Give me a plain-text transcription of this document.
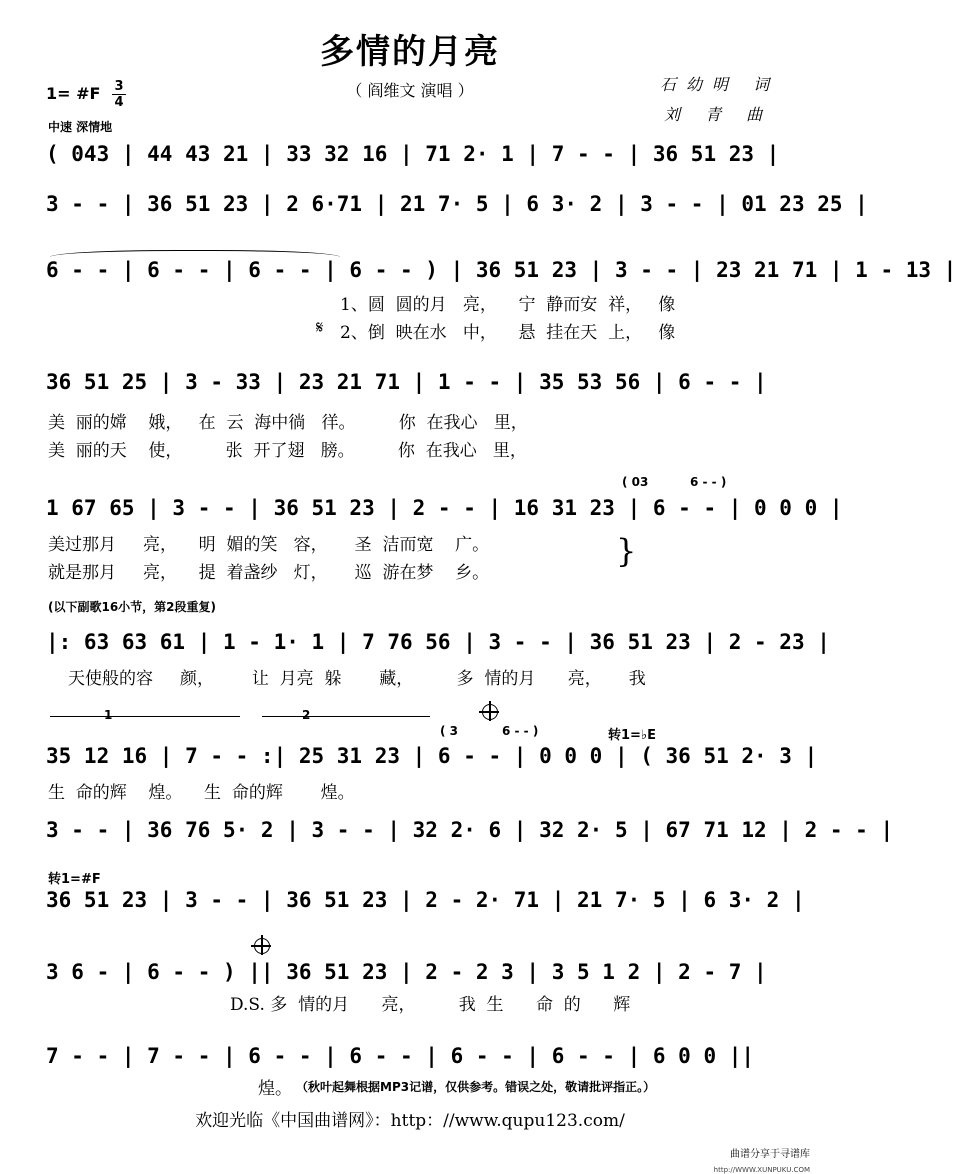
多情的月亮
（ 阎维文 演唱 ）	石幼明 词
刘 青 曲
1= #F 3
4
中速 深情地
( 043 | 44 43 21 | 33 32 16 | 71 2· 1 | 7 - - | 36 51 23 |
3 - - | 36 51 23 | 2 6·71 | 21 7· 5 | 6 3· 2 | 3 - - | 01 23 25 |
6 - - | 6 - - | 6 - - | 6 - - ) | 36 51 23 | 3 - - | 23 21 71 | 1 - 13 |
1、圆  圆的月   亮，    宁  静而安  祥，   像
𝄋 2、倒  映在水   中，    悬  挂在天  上，   像
36 51 25 | 3 - 33 | 23 21 71 | 1 - - | 35 53 56 | 6 - - |
美  丽的嫦    娥，   在  云  海中徜   徉。        你  在我心   里，
美  丽的天    使，        张  开了翅   膀。        你  在我心   里，
( 03	6 - - )
1 67 65 | 3 - - | 36 51 23 | 2 - - | 16 31 23 | 6 - - | 0 0 0 |
美过那月     亮，    明  媚的笑   容，     圣  洁而宽    广。
就是那月     亮，    提  着盏纱   灯，     巡  游在梦    乡。
}
(以下副歌16小节，第2段重复)
|: 63 63 61 | 1 - 1· 1 | 7 76 56 | 3 - - | 36 51 23 | 2 - 23 |
天使般的容     颜，       让  月亮  躲       藏，        多  情的月      亮，     我
1	2
( 3	6 - - )	转1=♭E
35 12 16 | 7 - - :| 25 31 23 | 6 - - | 0 0 0 | ( 36 51 2· 3 |
生  命的辉    煌。    生  命的辉       煌。
3 - - | 36 76 5· 2 | 3 - - | 32 2· 6 | 32 2· 5 | 67 71 12 | 2 - - |
转1=#F
36 51 23 | 3 - - | 36 51 23 | 2 - 2· 71 | 21 7· 5 | 6 3· 2 |
3 6 - | 6 - - ) || 36 51 23 | 2 - 2 3 | 3 5 1 2 | 2 - 7 |
D.S. 多  情的月      亮，        我  生      命  的      辉
7 - - | 7 - - | 6 - - | 6 - - | 6 - - | 6 - - | 6 0 0 ||
煌。 （秋叶起舞根据MP3记谱，仅供参考。错误之处，敬请批评指正。）
欢迎光临《中国曲谱网》：http：//www.qupu123.com/
曲谱分享于寻谱库
http://WWW.XUNPUKU.COM
